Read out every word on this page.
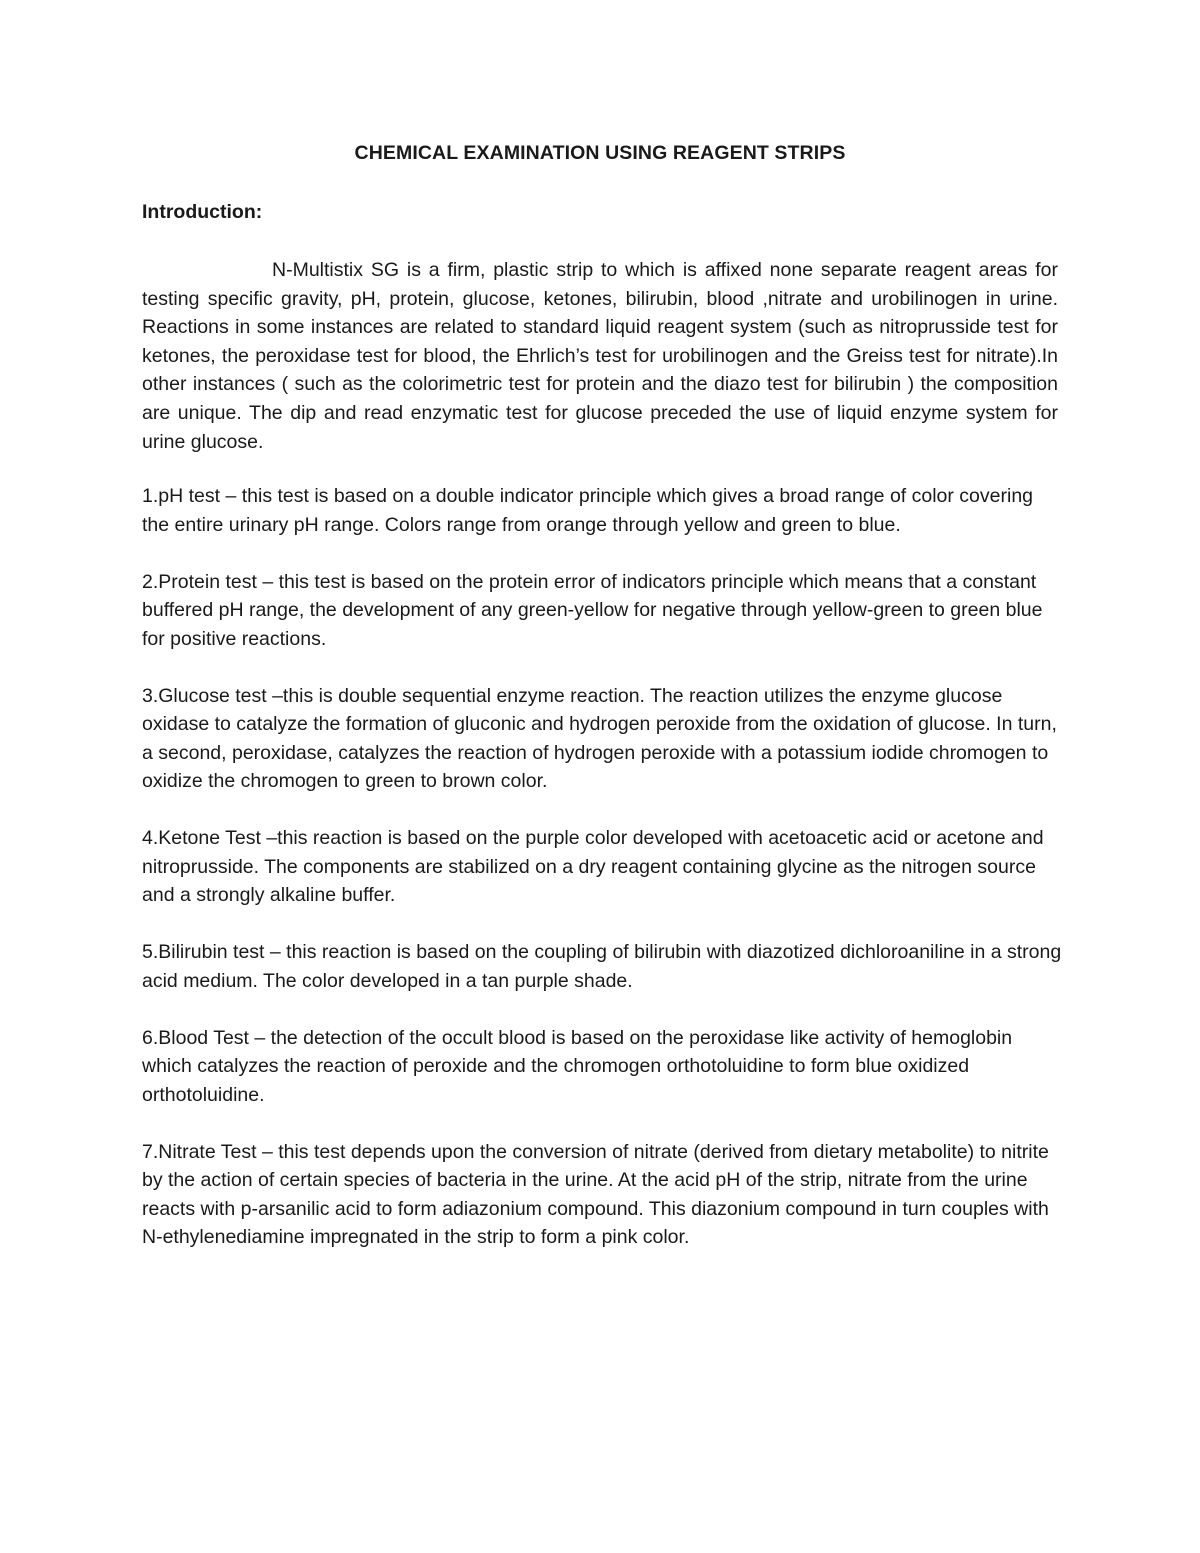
CHEMICAL EXAMINATION USING REAGENT STRIPS
Introduction:

N-Multistix SG is a firm, plastic strip to which is affixed none separate reagent areas for testing specific gravity, pH, protein, glucose, ketones, bilirubin, blood ,nitrate and urobilinogen in urine. Reactions in some instances are related to standard liquid reagent system (such as nitroprusside test for ketones, the peroxidase test for blood, the Ehrlich’s test for urobilinogen and the Greiss test for nitrate).In other instances ( such as the colorimetric test for protein and the diazo test for bilirubin ) the composition are unique. The dip and read enzymatic test for glucose preceded the use of liquid enzyme system for urine glucose.

1.pH test – this test is based on a double indicator principle which gives a broad range of color covering the entire urinary pH range. Colors range from orange through yellow and green to blue.

2.Protein test – this test is based on the protein error of indicators principle which means that a constant buffered pH range, the development of any green-yellow for negative through yellow-green to green blue for positive reactions.

3.Glucose test –this is double sequential enzyme reaction. The reaction utilizes the enzyme glucose oxidase to catalyze the formation of gluconic and hydrogen peroxide from the oxidation of glucose. In turn, a second, peroxidase, catalyzes the reaction of hydrogen peroxide with a potassium iodide chromogen to oxidize the chromogen to green to brown color.

4.Ketone Test –this reaction is based on the purple color developed with acetoacetic acid or acetone and nitroprusside. The components are stabilized on a dry reagent containing glycine as the nitrogen source and a strongly alkaline buffer.

5.Bilirubin test – this reaction is based on the coupling of bilirubin with diazotized dichloroaniline in a strong acid medium. The color developed in a tan purple shade.

6.Blood Test – the detection of the occult blood is based on the peroxidase like activity of hemoglobin which catalyzes the reaction of peroxide and the chromogen orthotoluidine to form blue oxidized orthotoluidine.

7.Nitrate Test – this test depends upon the conversion of nitrate (derived from dietary metabolite) to nitrite by the action of certain species of bacteria in the urine. At the acid pH of the strip, nitrate from the urine reacts with p-arsanilic acid to form adiazonium compound. This diazonium compound in turn couples with N-ethylenediamine impregnated in the strip to form a pink color.
